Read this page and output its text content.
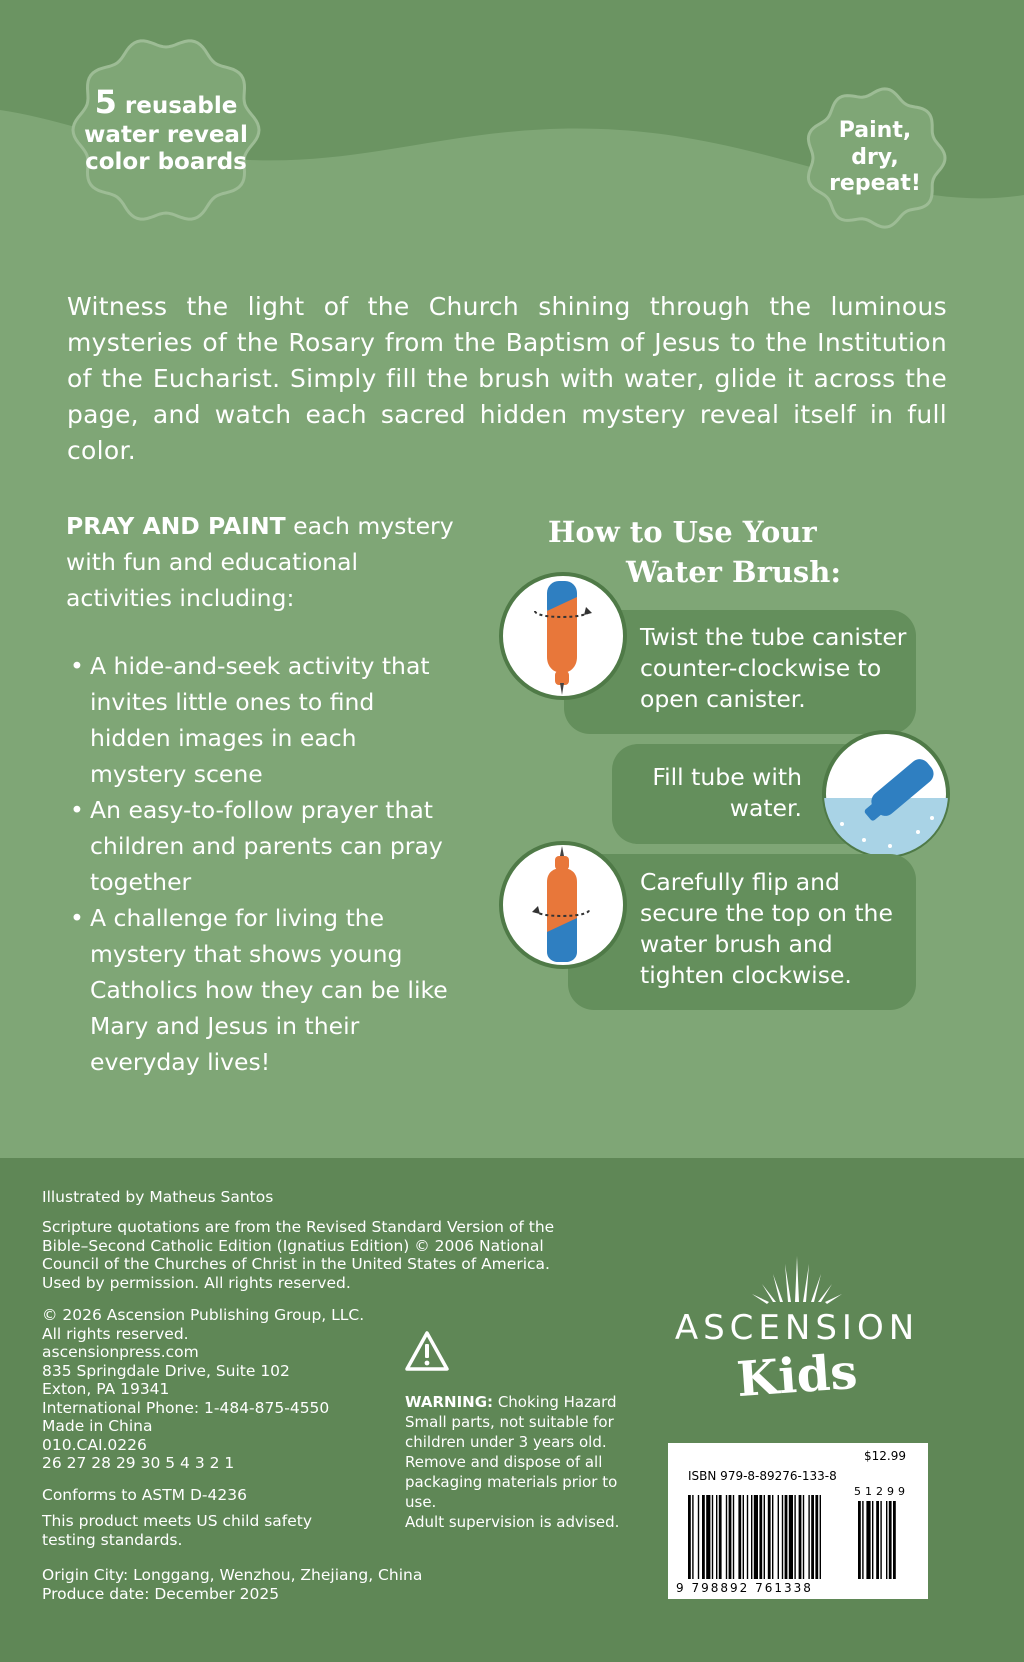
5 reusable
water reveal
color boards
Paint,
dry,
repeat!

Witness the light of the Church shining through the luminous mysteries of the Rosary from the Baptism of Jesus to the Institution of the Eucharist. Simply fill the brush with water, glide it across the page, and watch each sacred hidden mystery reveal itself in full color.

PRAY AND PAINT each mystery with fun and educational activities including:

• A hide-and-seek activity that invites little ones to find hidden images in each mystery scene
• An easy-to-follow prayer that children and parents can pray together
• A challenge for living the mystery that shows young Catholics how they can be like Mary and Jesus in their everyday lives!
How to Use Your
Water Brush:
Twist the tube canister counter-clockwise to open canister.
Fill tube with water.
Carefully flip and secure the top on the water brush and tighten clockwise.
Illustrated by Matheus Santos
Scripture quotations are from the Revised Standard Version of the
Bible–Second Catholic Edition (Ignatius Edition) © 2006 National
Council of the Churches of Christ in the United States of America.
Used by permission. All rights reserved.
© 2026 Ascension Publishing Group, LLC.
All rights reserved.
ascensionpress.com
835 Springdale Drive, Suite 102
Exton, PA 19341
International Phone: 1-484-875-4550
Made in China
010.CAI.0226
26 27 28 29 30 5 4 3 2 1
Conforms to ASTM D-4236
This product meets US child safety
testing standards.
Origin City: Longgang, Wenzhou, Zhejiang, China
Produce date: December 2025
WARNING: Choking Hazard
Small parts, not suitable for
children under 3 years old.
Remove and dispose of all
packaging materials prior to use.
Adult supervision is advised.
ASCENSION
Kids
$12.99
ISBN 979-8-89276-133-8
51299
9 798892 761338
